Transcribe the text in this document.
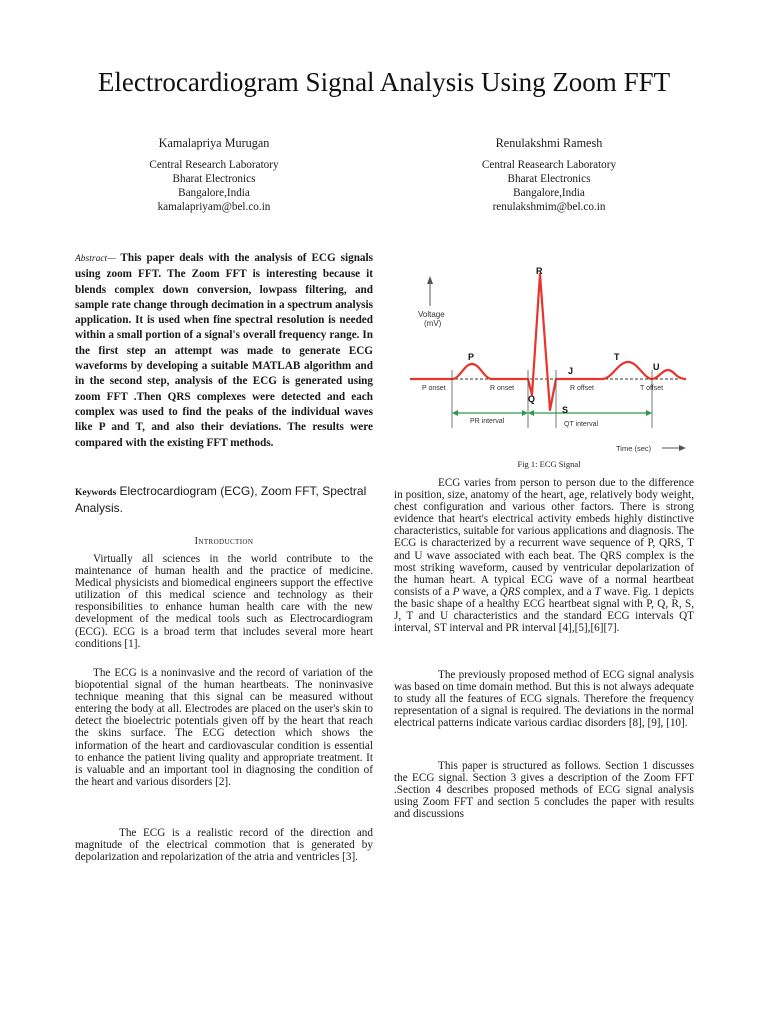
Electrocardiogram Signal Analysis Using Zoom FFT
Kamalapriya Murugan
Central Research Laboratory
Bharat Electronics
Bangalore,India
kamalapriyam@bel.co.in
Renulakshmi Ramesh
Central Reasearch Laboratory
Bharat Electronics
Bangalore,India
renulakshmim@bel.co.in
Abstract— This paper deals with the analysis of ECG signals using zoom FFT. The Zoom FFT is interesting because it blends complex down conversion, lowpass filtering, and sample rate change through decimation in a spectrum analysis application. It is used when fine spectral resolution is needed within a small portion of a signal's overall frequency range. In the first step an attempt was made to generate ECG waveforms by developing a suitable MATLAB algorithm and in the second step, analysis of the ECG is generated using zoom FFT .Then QRS complexes were detected and each complex was used to find the peaks of the individual waves like P and T, and also their deviations. The results were compared with the existing FFT methods.
Keywords Electrocardiogram (ECG), Zoom FFT, Spectral Analysis.
Introduction
Virtually all sciences in the world contribute to the maintenance of human health and the practice of medicine. Medical physicists and biomedical engineers support the effective utilization of this medical science and technology as their responsibilities to enhance human health care with the new development of the medical tools such as Electrocardiogram (ECG). ECG is a broad term that includes several more heart conditions [1].
The ECG is a noninvasive and the record of variation of the biopotential signal of the human heartbeats. The noninvasive technique meaning that this signal can be measured without entering the body at all. Electrodes are placed on the user's skin to detect the bioelectric potentials given off by the heart that reach the skins surface. The ECG detection which shows the information of the heart and cardiovascular condition is essential to enhance the patient living quality and appropriate treatment. It is valuable and an important tool in diagnosing the condition of the heart and various disorders [2].
The ECG is a realistic record of the direction and magnitude of the electrical commotion that is generated by depolarization and repolarization of the atria and ventricles [3].
Voltage
(mV)
PR interval	QT interval
R
P	T
U
J
Q
S
P onset	R onset	R offset	T offset
Time (sec)
Fig 1: ECG Signal
ECG varies from person to person due to the difference in position, size, anatomy of the heart, age, relatively body weight, chest configuration and various other factors. There is strong evidence that heart's electrical activity embeds highly distinctive characteristics, suitable for various applications and diagnosis. The ECG is characterized by a recurrent wave sequence of P, QRS, T and U wave associated with each beat. The QRS complex is the most striking waveform, caused by ventricular depolarization of the human heart. A typical ECG wave of a normal heartbeat consists of a P wave, a QRS complex, and a T wave. Fig. 1 depicts the basic shape of a healthy ECG heartbeat signal with P, Q, R, S, J, T and U characteristics and the standard ECG intervals QT interval, ST interval and PR interval [4],[5],[6][7].
The previously proposed method of ECG signal analysis was based on time domain method. But this is not always adequate to study all the features of ECG signals. Therefore the frequency representation of a signal is required. The deviations in the normal electrical patterns indicate various cardiac disorders [8], [9], [10].
This paper is structured as follows. Section 1 discusses the ECG signal. Section 3 gives a description of the Zoom FFT .Section 4 describes proposed methods of ECG signal analysis using Zoom FFT and section 5 concludes the paper with results and discussions
